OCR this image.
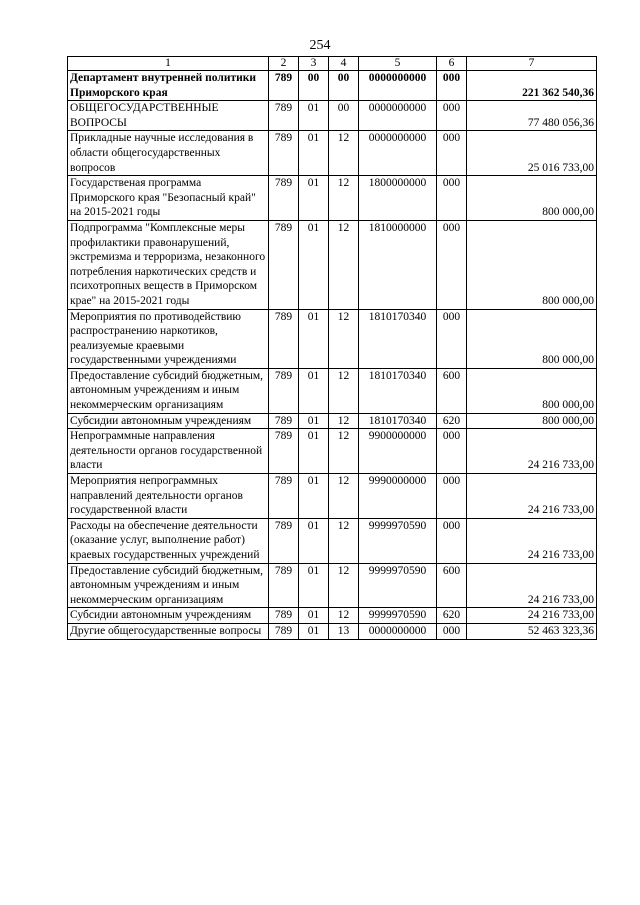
254
1	2	3	4	5	6	7
Департамент внутренней политики Приморского края	789	00	00	0000000000	000	221 362 540,36
ОБЩЕГОСУДАРСТВЕННЫЕ ВОПРОСЫ	789	01	00	0000000000	000	77 480 056,36
Прикладные научные исследования в области общегосударственных вопросов	789	01	12	0000000000	000	25 016 733,00
Государственая программа Приморского края "Безопасный край" на 2015-2021 годы	789	01	12	1800000000	000	800 000,00
Подпрограмма "Комплексные меры профилактики правонарушений, экстремизма и терроризма, незаконного потребления наркотических средств и психотропных веществ в Приморском крае" на 2015-2021 годы	789	01	12	1810000000	000	800 000,00
Мероприятия по противодействию распространению наркотиков, реализуемые краевыми государственными учреждениями	789	01	12	1810170340	000	800 000,00
Предоставление субсидий бюджетным, автономным учреждениям и иным некоммерческим организациям	789	01	12	1810170340	600	800 000,00
Субсидии автономным учреждениям	789	01	12	1810170340	620	800 000,00
Непрограммные направления деятельности органов государственной власти	789	01	12	9900000000	000	24 216 733,00
Мероприятия непрограммных направлений деятельности органов государственной власти	789	01	12	9990000000	000	24 216 733,00
Расходы на обеспечение деятельности (оказание услуг, выполнение работ) краевых государственных учреждений	789	01	12	9999970590	000	24 216 733,00
Предоставление субсидий бюджетным, автономным учреждениям и иным некоммерческим организациям	789	01	12	9999970590	600	24 216 733,00
Субсидии автономным учреждениям	789	01	12	9999970590	620	24 216 733,00
Другие общегосударственные вопросы	789	01	13	0000000000	000	52 463 323,36
